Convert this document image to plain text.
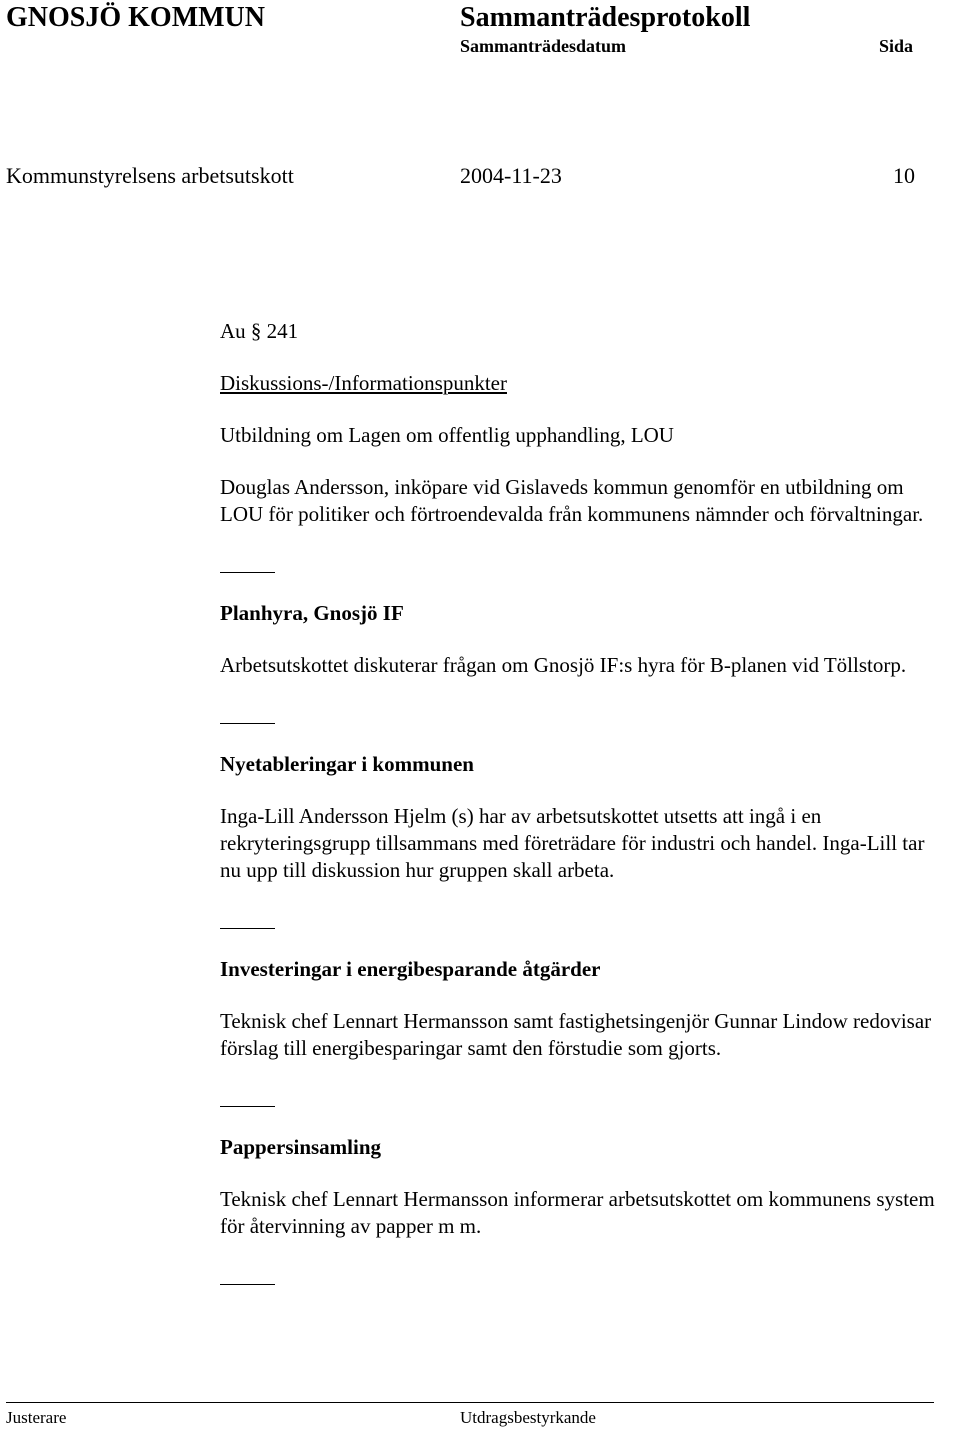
GNOSJÖ KOMMUN	Sammanträdesprotokoll
Sammanträdesdatum	Sida
Kommunstyrelsens arbetsutskott	2004-11-23	10

Au § 241

Diskussions-/Informationspunkter

Utbildning om Lagen om offentlig upphandling, LOU

Douglas Andersson, inköpare vid Gislaveds kommun genomför en utbildning om LOU för politiker och förtroendevalda från kommunens nämnder och förvaltningar.

Planhyra, Gnosjö IF

Arbetsutskottet diskuterar frågan om Gnosjö IF:s hyra för B-planen vid Töllstorp.

Nyetableringar i kommunen

Inga-Lill Andersson Hjelm (s) har av arbetsutskottet utsetts att ingå i en rekryteringsgrupp tillsammans med företrädare för industri och handel. Inga-Lill tar nu upp till diskussion hur gruppen skall arbeta.

Investeringar i energibesparande åtgärder

Teknisk chef Lennart Hermansson samt fastighetsingenjör Gunnar Lindow redovisar förslag till energibesparingar samt den förstudie som gjorts.

Pappersinsamling

Teknisk chef Lennart Hermansson informerar arbetsutskottet om kommunens system för återvinning av papper m m.

Justerare	Utdragsbestyrkande
